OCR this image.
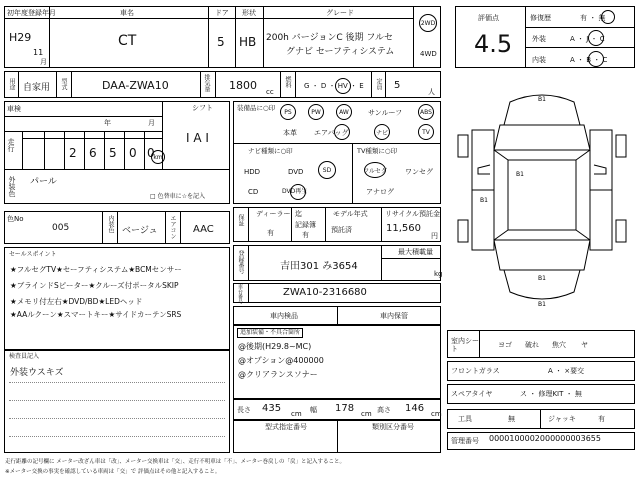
初年度登録年月
H29
11
月
車名
CT
ドア
5
形状
HB
グレード
200h バージョンC 後期 フルセ
グナビ セーフティシステム
2WD
4WD
評価点
4.5
修復歴	有 ・ 無
外装	A ・ J ・ C
内装	A ・ B ・ C
用途 自家用 型式	DAA-ZWA10	排気量 1800 cc
燃料 G ・ D ・ HV ・ E 定員 5
人
車検
年	月
走行
2 6 5 0 0
km
シフト
I A I
外装色 パール
□ 色替車に☆を記入
色No
005	内装色 ベージュ エアコン AAC
セールスポイント
★フルセグTV★セーフティシステム★BCMセンサー
★ブラインドSピーター★クルーズ付ポータルSKIP
★メモリ付左右★DVD/BD★LEDヘッド
★AAルクーン★スマートキー★サイドカーテンSRS
検査員記入
外装ウスキズ
装備品に○印 PS	PW	AW	サンルーフ	ABS
本革 エアバッグ	ナビ	TV
ナビ種類に○印
HDD	DVD	SD
CD	DVD再生
TV種類に○印
フルセグ	ワンセグ
アナログ
保証 ディーラー
有
迄
記録簿
有
モデル年式 リサイクル預託金
預託済	11,560
円
登録番号	吉田301 み3654
最大積載量
kg
車台番号	ZWA10-2316680
車内検品	車内保管
追加装備・不具合箇所
@後期(H29.8~MC)
@オプション@400000
@クリアランスソナー
長さ 435 cm 幅 178 cm 高さ 146 cm
型式指定番号	類別区分番号
B1
B1
B1
B1
B1
室内シート	ヨゴ 破れ 焦穴 ヤ
フロントガラス	A ・ ×要交
スペアタイヤ	ス ・ 修理KIT ・ 無
工具	無	ジャッキ	有
管理番号 0000100002000000003655
走行距離の記号欄に メーター改ざん車は「改」、メーター交換車は「交」、走行不明車は「不」、メーター巻戻しの「戻」と記入すること。
※メーター交換の事実を確認している車両は「交」で 評価点はその他と記入すること。
